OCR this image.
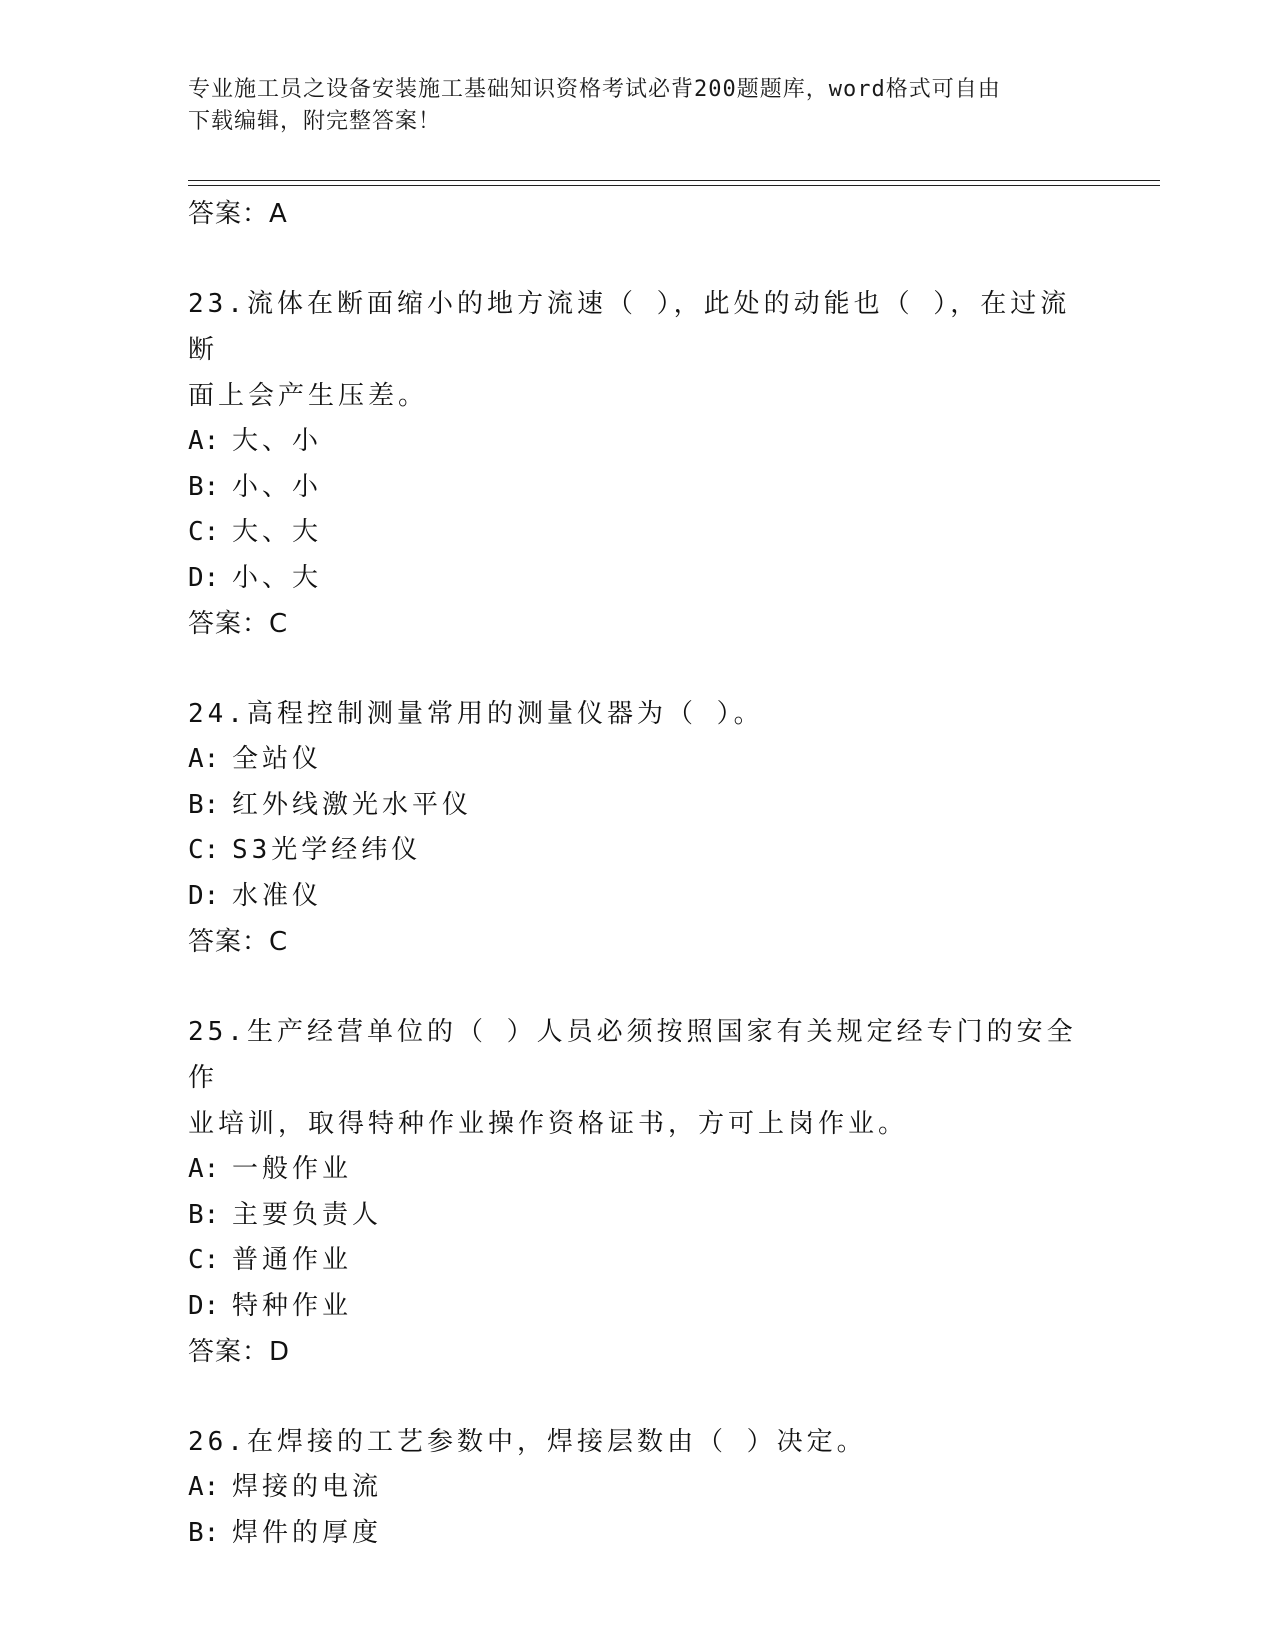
专业施工员之设备安装施工基础知识资格考试必背200题题库，word格式可自由
下载编辑，附完整答案！
答案：A
23.流体在断面缩小的地方流速（ ），此处的动能也（ ），在过流断
面上会产生压差。
A: 大、小
B: 小、小
C: 大、大
D: 小、大
答案：C
24.高程控制测量常用的测量仪器为（ ）。
A: 全站仪
B: 红外线激光水平仪
C: S3光学经纬仪
D: 水准仪
答案：C
25.生产经营单位的（ ）人员必须按照国家有关规定经专门的安全作
业培训，取得特种作业操作资格证书，方可上岗作业。
A: 一般作业
B: 主要负责人
C: 普通作业
D: 特种作业
答案：D
26.在焊接的工艺参数中，焊接层数由（ ）决定。
A: 焊接的电流
B: 焊件的厚度
